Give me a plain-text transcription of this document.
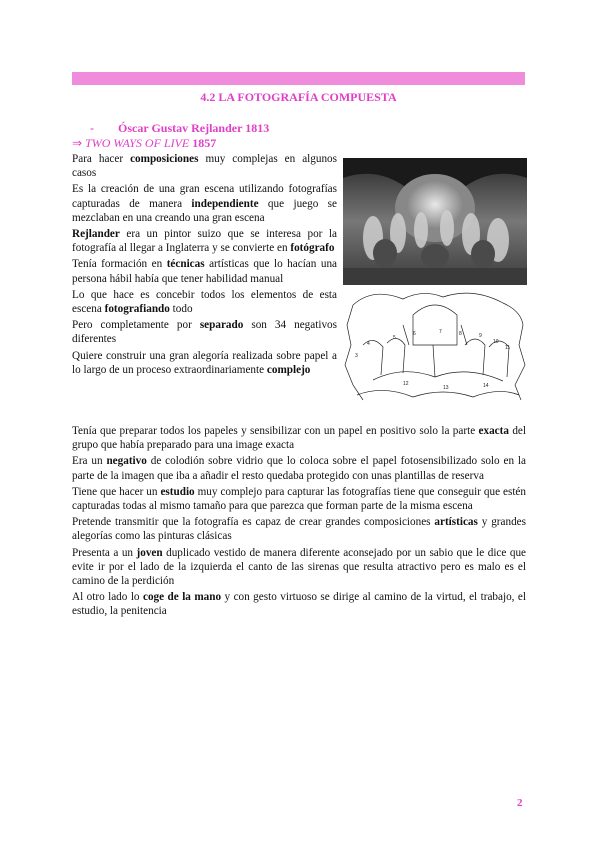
4.2 LA FOTOGRAFÍA COMPUESTA
- Óscar Gustav Rejlander 1813
⇒ TWO WAYS OF LIVE 1857

Para hacer composiciones muy complejas en algunos casos

Es la creación de una gran escena utilizando fotografías capturadas de manera independiente que juego se mezclaban en una creando una gran escena

Rejlander era un pintor suizo que se interesa por la fotografía al llegar a Inglaterra y se convierte en fotógrafo

Tenía formación en técnicas artísticas que lo hacían una persona hábil había que tener habilidad manual

Lo que hace es concebir todos los elementos de esta escena fotografiando todo

Pero completamente por separado son 34 negativos diferentes

Quiere construir una gran alegoría realizada sobre papel a lo largo de un proceso extraordinariamente complejo

3
4
5
6	7	8	9
10
11
12
13	14

Tenía que preparar todos los papeles y sensibilizar con un papel en positivo solo la parte exacta del grupo que había preparado para una image exacta

Era un negativo de colodión sobre vidrio que lo coloca sobre el papel fotosensibilizado solo en la parte de la imagen que iba a añadir el resto quedaba protegido con unas plantillas de reserva

Tiene que hacer un estudio muy complejo para capturar las fotografías tiene que conseguir que estén capturadas todas al mismo tamaño para que parezca que forman parte de la misma escena

Pretende transmitir que la fotografía es capaz de crear grandes composiciones artísticas y grandes alegorías como las pinturas clásicas

Presenta a un joven duplicado vestido de manera diferente aconsejado por un sabio que le dice que evite ir por el lado de la izquierda el canto de las sirenas que resulta atractivo pero es malo es el camino de la perdición

Al otro lado lo coge de la mano y con gesto virtuoso se dirige al camino de la virtud, el trabajo, el estudio, la penitencia

2
